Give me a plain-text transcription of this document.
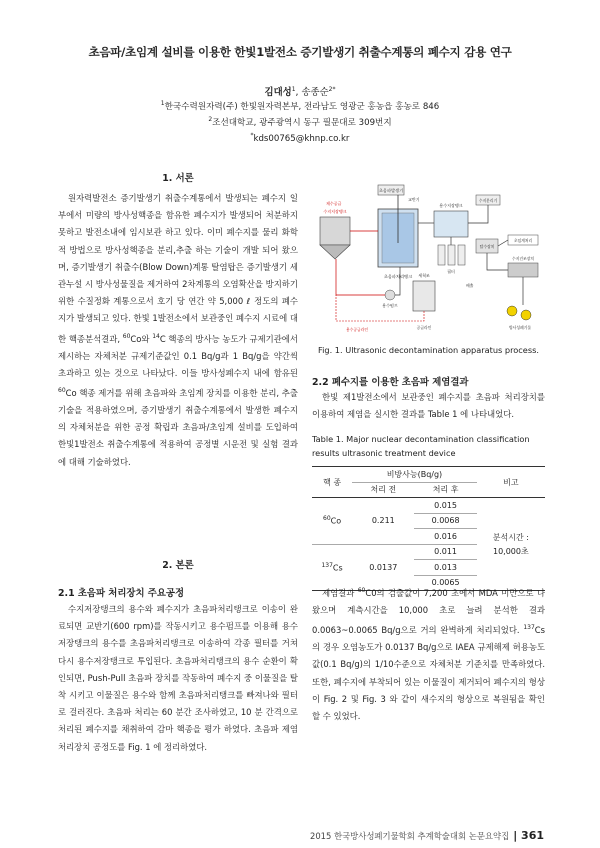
초음파/초임계 설비를 이용한 한빛1발전소 증기발생기 취출수계통의 폐수지 감용 연구
김대성$^1$, 송종순$^{2*}$
$^1$한국수력원자력(주) 한빛원자력본부, 전라남도 영광군 홍농읍 홍농로 846
$^2$조선대학교, 광주광역시 동구 필문대로 309번지
*kds00765@khnp.co.kr
1. 서론

원자력발전소 증기발생기 취출수계통에서 발생되는 폐수지 일부에서 미량의 방사성핵종을 함유한 폐수지가 발생되어 처분하지 못하고 발전소내에 임시보관 하고 있다. 이미 폐수지를 물리 화학적 방법으로 방사성핵종을 분리,추출 하는 기술이 개발 되어 왔으며, 증기발생기 취출수(Blow Down)계통 탈염탑은 증기발생기 세관누설 시 방사성물질을 제거하여 2차계통의 오염확산을 방지하기 위한 수질정화 계통으로서 호기 당 연간 약 5,000 ℓ 정도의 폐수지가 발생되고 있다. 한빛 1발전소에서 보관중인 폐수지 시료에 대한 핵종분석결과, $^{60}$Co와 $^{14}$C 핵종의 방사능 농도가 규제기관에서 제시하는 자체처분 규제기준값인 0.1 Bq/g과 1 Bq/g을 약간씩 초과하고 있는 것으로 나타났다. 이들 방사성폐수지 내에 함유된 $^{60}$Co 핵종 제거를 위해 초음파와 초임계 장치를 이용한 분리, 추출기술을 적용하였으며, 증기발생기 취출수계통에서 발생한 폐수지의 자체처분을 위한 공정 확립과 초음파/초임계 설비를 도입하여 한빛1발전소 취출수계통에 적용하여 공정별 시운전 및 실험 결과에 대해 기술하였다.

2. 본론
2.1 초음파 처리장치 주요공정

수지저장탱크의 용수와 폐수지가 초음파처리탱크로 이송이 완료되면 교반기(600 rpm)를 작동시키고 용수펌프를 이용해 용수저장탱크의 용수를 초음파처리탱크로 이송하여 각종 필터를 거쳐 다시 용수저장탱크로 투입된다. 초음파처리탱크의 용수 순환이 확인되면, Push-Pull 초음파 장치를 작동하여 폐수지 중 이물질을 탈착 시키고 이물질은 용수와 함께 초음파처리탱크를 빠져나와 필터로 걸러진다. 초음파 처리는 60 분간 조사하였고, 10 분 간격으로 처리된 폐수지를 채취하여 감마 핵종을 평가 하였다. 초음파 제염처리장치 공정도를 Fig. 1 에 정리하였다.

초음파발생기
초음파처리탱크
교반기
수지저장탱크
제수공급	용수저장탱크
필터
세척조
용수펌프
수지분리기
탈수장치
초임계처리
수지건조장치
방사성폐기물
공급라인
용수공급라인
배출
Fig. 1. Ultrasonic decontamination apparatus process.
2.2 폐수지를 이용한 초음파 제염결과

한빛 제1발전소에서 보관중인 폐수지를 초음파 처리장치를 이용하여 제염을 실시한 결과를 Table 1 에 나타내었다.

Table 1. Major nuclear decontamination classification results ultrasonic treatment device
핵 종	비방사능(Bq/g)		비고
	처리 전	처리 후	
$^{60}$Co	0.211	0.015	분석시간 :
10,000초

		0.0068	
		0.016	
$^{137}$Cs	0.0137	0.011	
		0.013	
		0.0065	

제염결과 $^{60}$C0의 검출값이 7,200 초에서 MDA 미만으로 나왔으며 계측시간을 10,000 초로 늘려 분석한 결과 0.0063~0.0065 Bq/g으로 거의 완벽하게 처리되었다. $^{137}$Cs의 경우 오염농도가 0.0137 Bq/g으로 IAEA 규제해제 허용농도값(0.1 Bq/g)의 1/10수준으로 자체처분 기준치를 만족하였다. 또한, 폐수지에 부착되어 있는 이물질이 제거되어 폐수지의 형상이 Fig. 2 및 Fig. 3 와 같이 새수지의 형상으로 복원됨을 확인 할 수 있었다.

2015 한국방사성폐기물학회 추계학술대회 논문요약집 | 361
